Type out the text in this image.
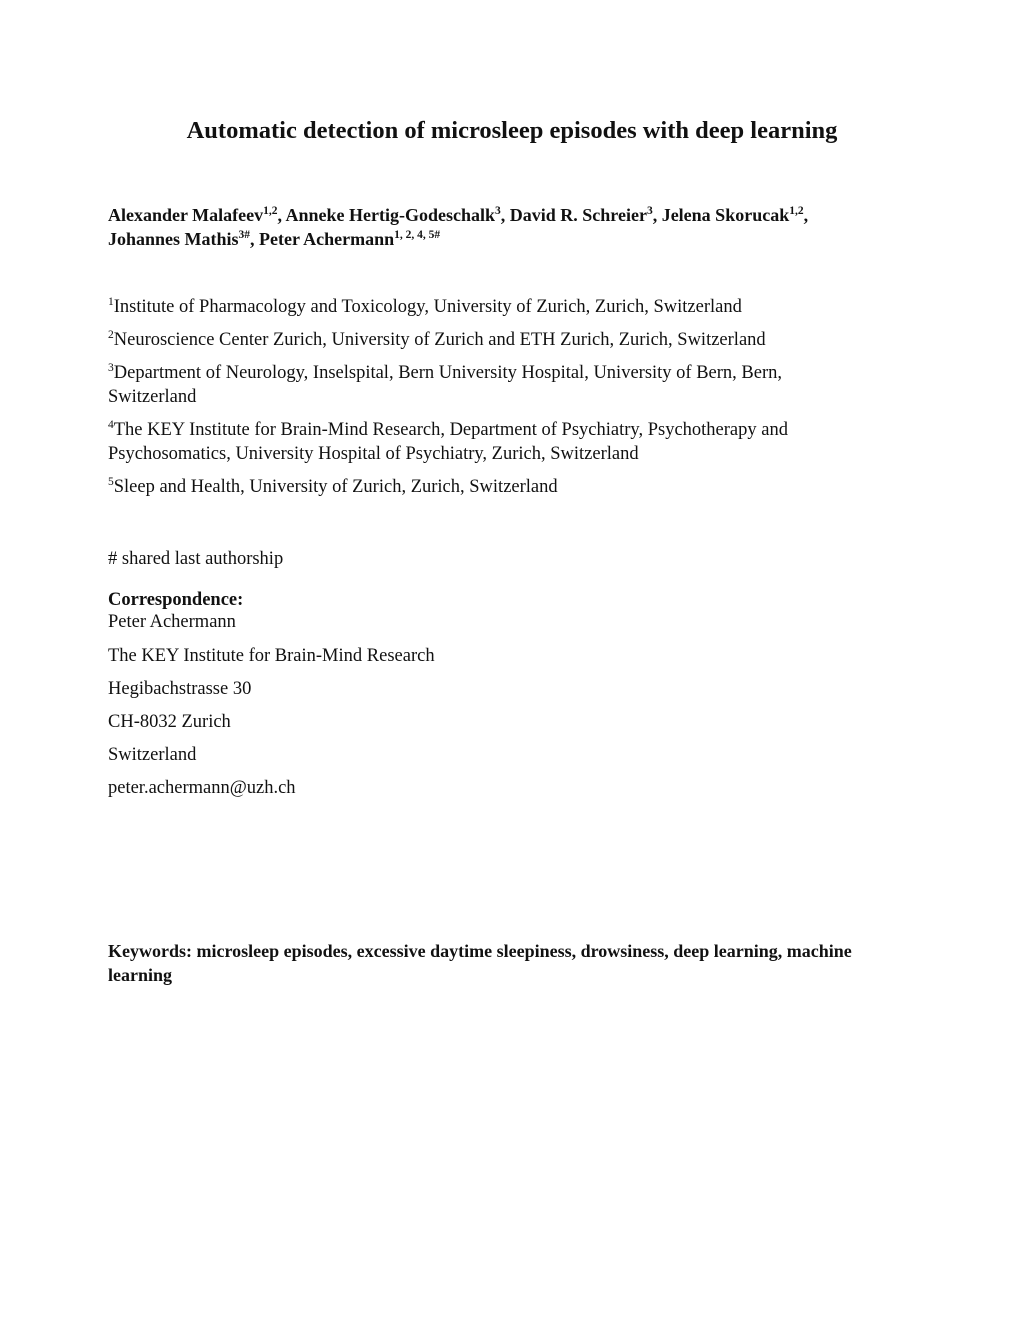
Automatic detection of microsleep episodes with deep learning

Alexander Malafeev$^{1,2}$, Anneke Hertig-Godeschalk$^3$, David R. Schreier$^3$, Jelena Skorucak$^{1,2}$,
Johannes Mathis$^{3\#}$, Peter Achermann$^{1, 2, 4, 5\#}$

$^1$Institute of Pharmacology and Toxicology, University of Zurich, Zurich, Switzerland

$^2$Neuroscience Center Zurich, University of Zurich and ETH Zurich, Zurich, Switzerland

$^3$Department of Neurology, Inselspital, Bern University Hospital, University of Bern, Bern, Switzerland

$^4$The KEY Institute for Brain-Mind Research, Department of Psychiatry, Psychotherapy and Psychosomatics, University Hospital of Psychiatry, Zurich, Switzerland

$^5$Sleep and Health, University of Zurich, Zurich, Switzerland

# shared last authorship

Correspondence:

Peter Achermann

The KEY Institute for Brain‐Mind Research

Hegibachstrasse 30

CH-8032 Zurich

Switzerland

peter.achermann@uzh.ch

Keywords: microsleep episodes, excessive daytime sleepiness, drowsiness, deep learning, machine learning
